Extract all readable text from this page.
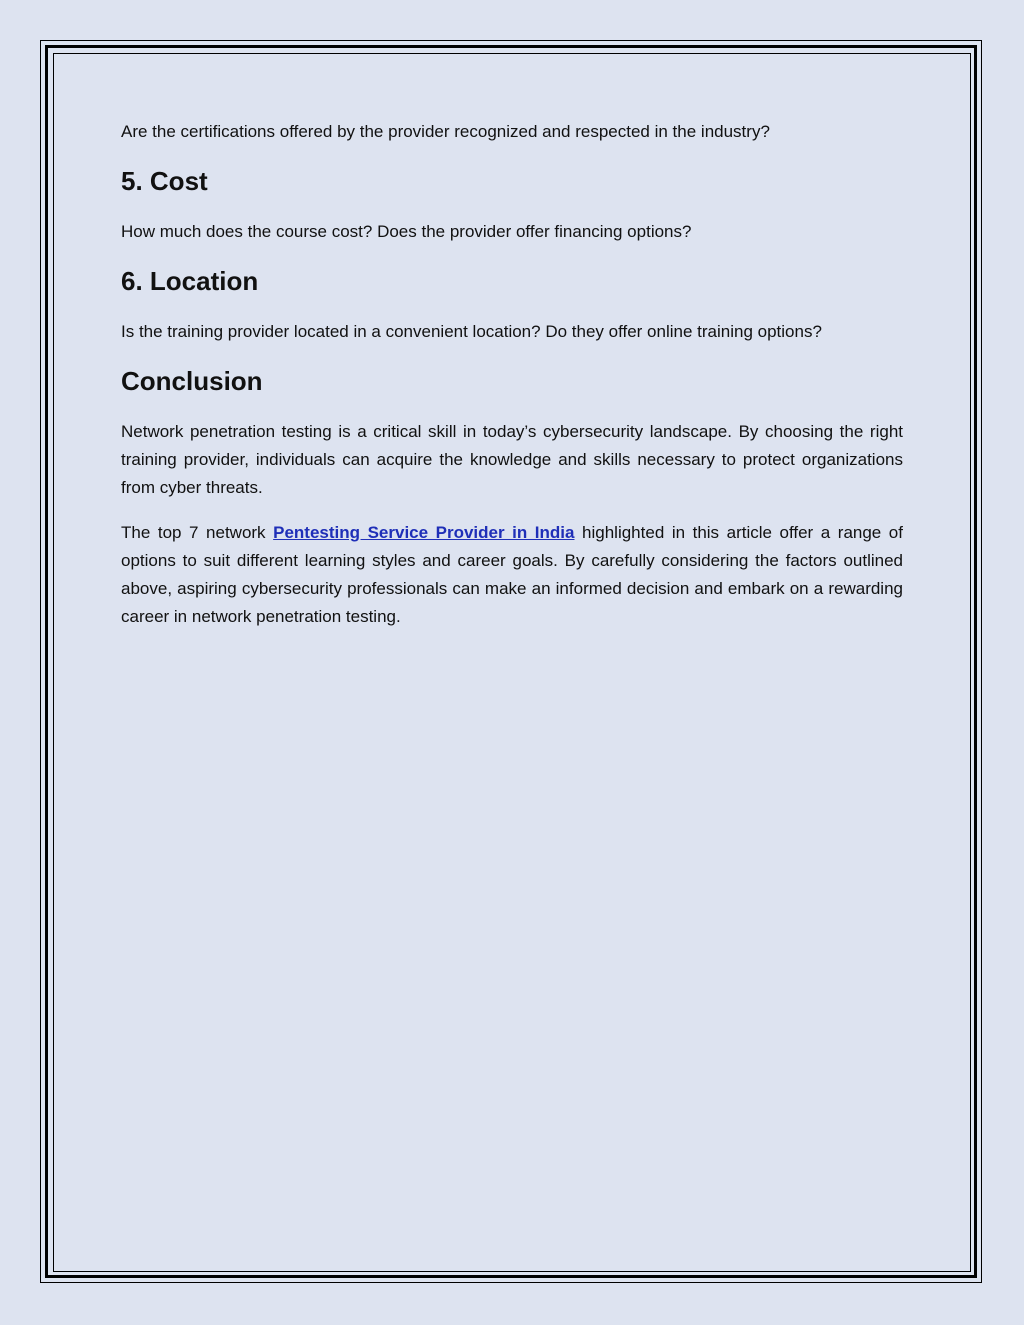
Are the certifications offered by the provider recognized and respected in the industry?

5. Cost

How much does the course cost? Does the provider offer financing options?

6. Location

Is the training provider located in a convenient location? Do they offer online training options?

Conclusion

Network penetration testing is a critical skill in today’s cybersecurity landscape. By choosing the right training provider, individuals can acquire the knowledge and skills necessary to protect organizations from cyber threats.

The top 7 network Pentesting Service Provider in India highlighted in this article offer a range of options to suit different learning styles and career goals. By carefully considering the factors outlined above, aspiring cybersecurity professionals can make an informed decision and embark on a rewarding career in network penetration testing.
